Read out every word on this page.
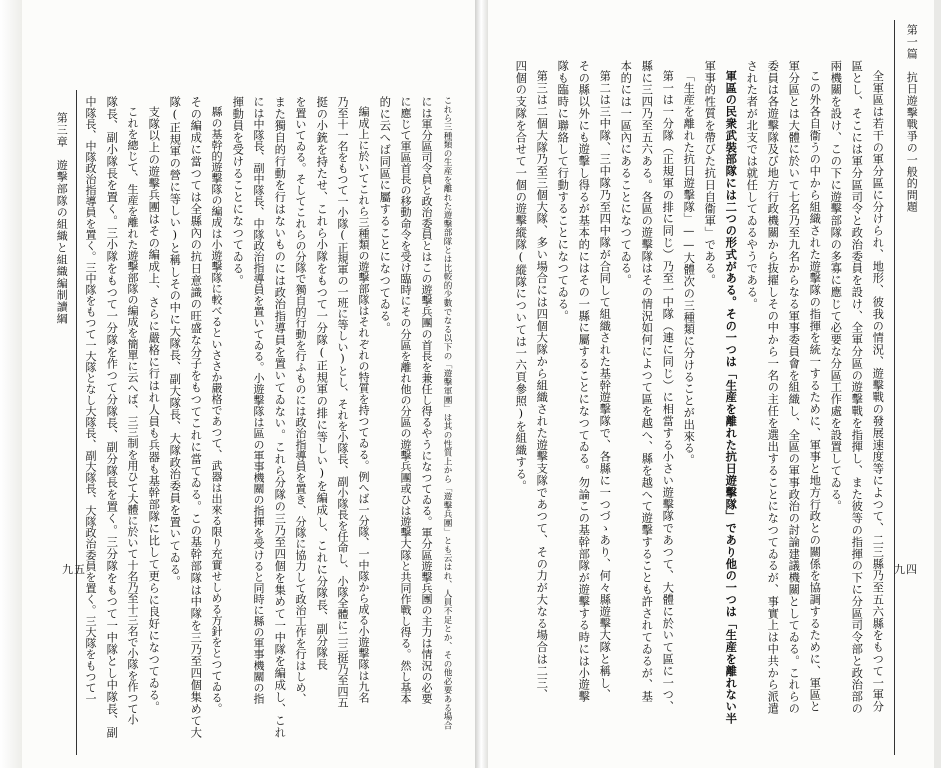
第一篇　抗日遊擊戰爭の一般的問題
九四
全軍區は若干の軍分區に分けられ、地形、彼我の情況、遊擊戰の發展速度等によつて、二三縣乃至五六縣をもつて一軍分
區とし、そこには軍分區司令と政治委員を設け、全軍分區の遊擊戰を指揮し、また彼等の指揮の下に分區司令部と政治部の
兩機關を設け、この下に遊擊部隊の多寡に應じて必要な分區工作處を設置してゐる。
この外各自衞うの中から組織された遊擊隊の指揮を統一するために、軍事と地方行政との關係を協調するために、軍區と
軍分區とは大體に於いて七名乃至九名からなる軍事委員會を組織し、全區の軍事政治の討論建議機關としてゐる。これらの
委員は各遊擊隊及び地方行政機關から抜擢しその中から一名の主任を選出することになつてゐるが、事實上は中共から派遣
された者が北支では就任してゐるやうである。
軍區の民衆武裝部隊には二つの形式がある。その一つは「生産を離れた抗日遊擊隊」であり他の一つは「生産を離れない半
軍事的性質を帶びた抗日自衞軍」である。
「生産を離れた抗日遊擊隊」——大體次の三種類に分けることが出來る。
第一は一分隊（正規軍の排に同じ）乃至一中隊（連に同じ）に相當する小さい遊擊隊であつて、大體に於いて區に一つ、
縣に三四乃至五六ある。各區の遊擊隊はその情況如何によつて區を越へ、縣を越へて遊擊することも許されてゐるが、基
本的には一區內にあることになつてゐる。
第二は三中隊、三中隊乃至四中隊が合同して組織された基幹遊擊隊で、各縣に一つづゝあり、何々縣遊擊大隊と稱し、
その縣以外にも遊擊し得るが基本的にはその一縣に屬することになつてゐる。勿論この基幹部隊が遊擊する時には小遊擊
隊も臨時に聯絡して行動することになつてゐる。
第三は二個大隊乃至三個大隊、多い場合には四個大隊から組織された遊擊支隊であつて、その力が大なる場合は二三、
四個の支隊を合せて一個の遊擊縱隊(縱隊については一六頁參照)を組織する。
これら三種類の生産を離れた遊擊部隊とは比較的少數でなる以下の「遊擊軍團」は其の性質上から「遊擊兵團」とも云はれ、人員不足とか、その他必要ある場合
には軍分區司令員と政治委員とはこの遊擊兵團の首長を兼任し得るやうになつてゐる。軍分區遊擊兵團の主力は情況の必要
に應じて軍區首長の移動命令を受け臨時にその分區を離れ他の分區の遊擊兵團或ひは遊擊大隊と共同作戰し得る。然し基本
的に云へば同區に屬することになつてゐる。
編成上に於いてこれら三種類の遊擊部隊はそれぞれの特質を持つてゐる。例へば一分隊、一中隊から成る小遊擊隊は九名
乃至十一名をもつて一小隊(正規軍の一班に等しい)とし、それを小隊長、副小隊長を任命し、小隊全體に二三挺乃至四五
挺の小銃を持たせ、これら小隊をもつて一分隊(正規軍の排に等しい)を編成し、これに分隊長、副分隊長
を置いてゐる。そしてこれらの分隊で獨自的行動を行ふものには政治指導員を置き、分隊に協力して政治工作を行はしめ、
また獨自的行動を行はないものには政治指導員を置いてゐない。これら分隊の三乃至四個を集めて一中隊を編成し、これ
には中隊長、副中隊長、中隊政治指導員を置いてゐる。小遊擊隊は區の軍事機關の指揮を受けると同時に縣の軍事機關の指
揮動員を受けることになつてゐる。
縣の基幹的遊擊隊の編成は小遊擊隊に較べるといささか嚴格であつて、武器は出來る限り充實せしめる方針をとつてゐる。
その編成に當つては全縣內の抗日意識の旺盛な分子をもつてこれに當てゐる。この基幹部隊は中隊を三乃至四個集めて大
隊(正規軍の營に等しい)と稱しその中に大隊長、副大隊長、大隊政治委員を置いてゐる。
支隊以上の遊擊兵團はその編成上、さらに嚴格に行はれ人員も兵器も基幹部隊に比して更らに良好になつてゐる。
これを總じて、生産を離れた遊擊部隊の編成を簡單に云へば、三三制を用ひて大體に於いて十名乃至十三名で小隊を作つて小
隊長、副小隊長を置く。三小隊をもつて一分隊を作つて分隊長、副分隊長を置く。三分隊をもつて一中隊とし中隊長、副
中隊長、中隊政治指導員を置く。三中隊をもつて一大隊となし大隊長、副大隊長、大隊政治委員を置く。三大隊をもつて一
第三章　遊擊部隊の組織と組織編制讀綱
九五
